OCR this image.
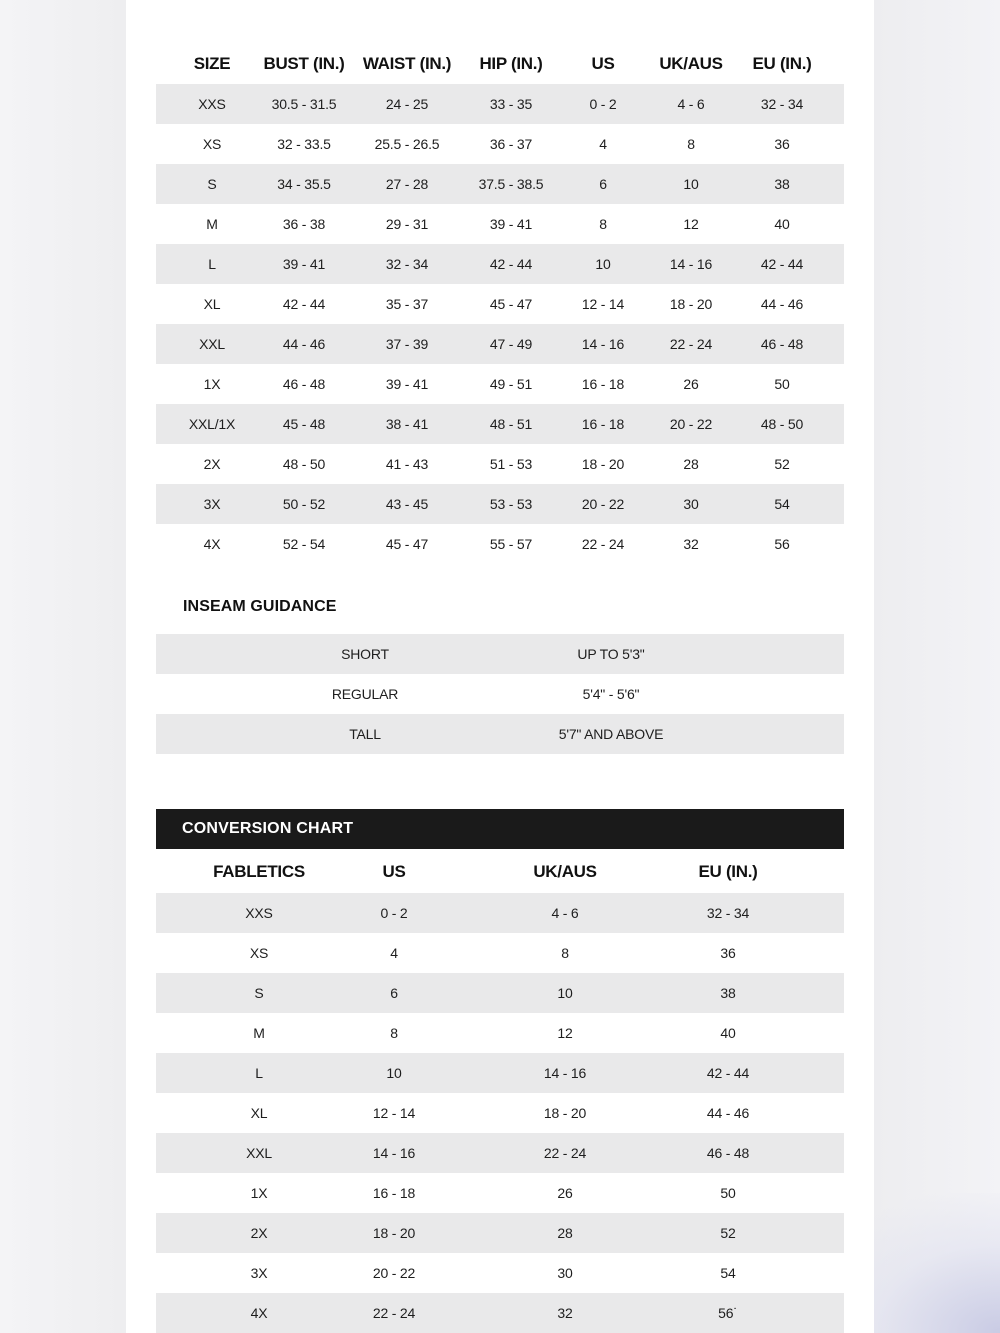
SIZE	BUST (IN.)	WAIST (IN.)	HIP (IN.)	US	UK/AUS	EU (IN.)
XXS	30.5 - 31.5	24 - 25	33 - 35	0 - 2	4 - 6	32 - 34
XS	32 - 33.5	25.5 - 26.5	36 - 37	4	8	36
S	34 - 35.5	27 - 28	37.5 - 38.5	6	10	38
M	36 - 38	29 - 31	39 - 41	8	12	40
L	39 - 41	32 - 34	42 - 44	10	14 - 16	42 - 44
XL	42 - 44	35 - 37	45 - 47	12 - 14	18 - 20	44 - 46
XXL	44 - 46	37 - 39	47 - 49	14 - 16	22 - 24	46 - 48
1X	46 - 48	39 - 41	49 - 51	16 - 18	26	50
XXL/1X	45 - 48	38 - 41	48 - 51	16 - 18	20 - 22	48 - 50
2X	48 - 50	41 - 43	51 - 53	18 - 20	28	52
3X	50 - 52	43 - 45	53 - 53	20 - 22	30	54
4X	52 - 54	45 - 47	55 - 57	22 - 24	32	56
INSEAM GUIDANCE
SHORT	UP TO 5'3"
REGULAR	5'4" - 5'6"
TALL	5'7" AND ABOVE
CONVERSION CHART
FABLETICS	US	UK/AUS	EU (IN.)
XXS	0 - 2	4 - 6	32 - 34
XS	4	8	36
S	6	10	38
M	8	12	40
L	10	14 - 16	42 - 44
XL	12 - 14	18 - 20	44 - 46
XXL	14 - 16	22 - 24	46 - 48
1X	16 - 18	26	50
2X	18 - 20	28	52
3X	20 - 22	30	54
4X	22 - 24	32	56˙
